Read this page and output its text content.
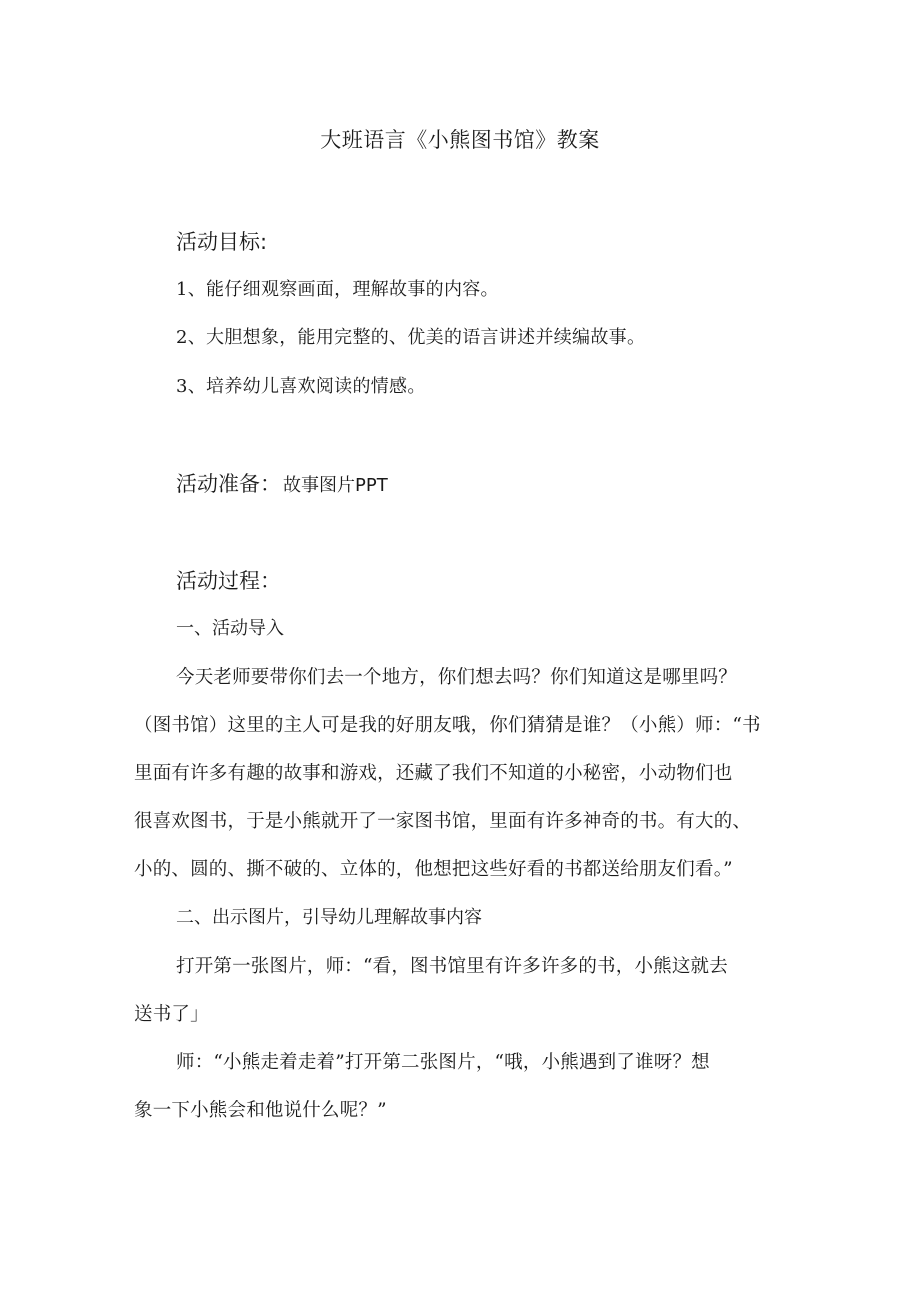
大班语言《小熊图书馆》教案
活动目标:
1、能仔细观察画面，理解故事的内容。
2、大胆想象，能用完整的、优美的语言讲述并续编故事。
3、培养幼儿喜欢阅读的情感。
活动准备： 故事图片PPT
活动过程：
一、活动导入
今天老师要带你们去一个地方，你们想去吗？你们知道这是哪里吗？
（图书馆）这里的主人可是我的好朋友哦，你们猜猜是谁？（小熊）师：“书
里面有许多有趣的故事和游戏，还藏了我们不知道的小秘密，小动物们也
很喜欢图书，于是小熊就开了一家图书馆，里面有许多神奇的书。有大的、
小的、圆的、撕不破的、立体的，他想把这些好看的书都送给朋友们看。”
二、出示图片，引导幼儿理解故事内容
打开第一张图片，师：“看，图书馆里有许多许多的书，小熊这就去
送书了」
师：“小熊走着走着”打开第二张图片，“哦，小熊遇到了谁呀？想
象一下小熊会和他说什么呢？”
